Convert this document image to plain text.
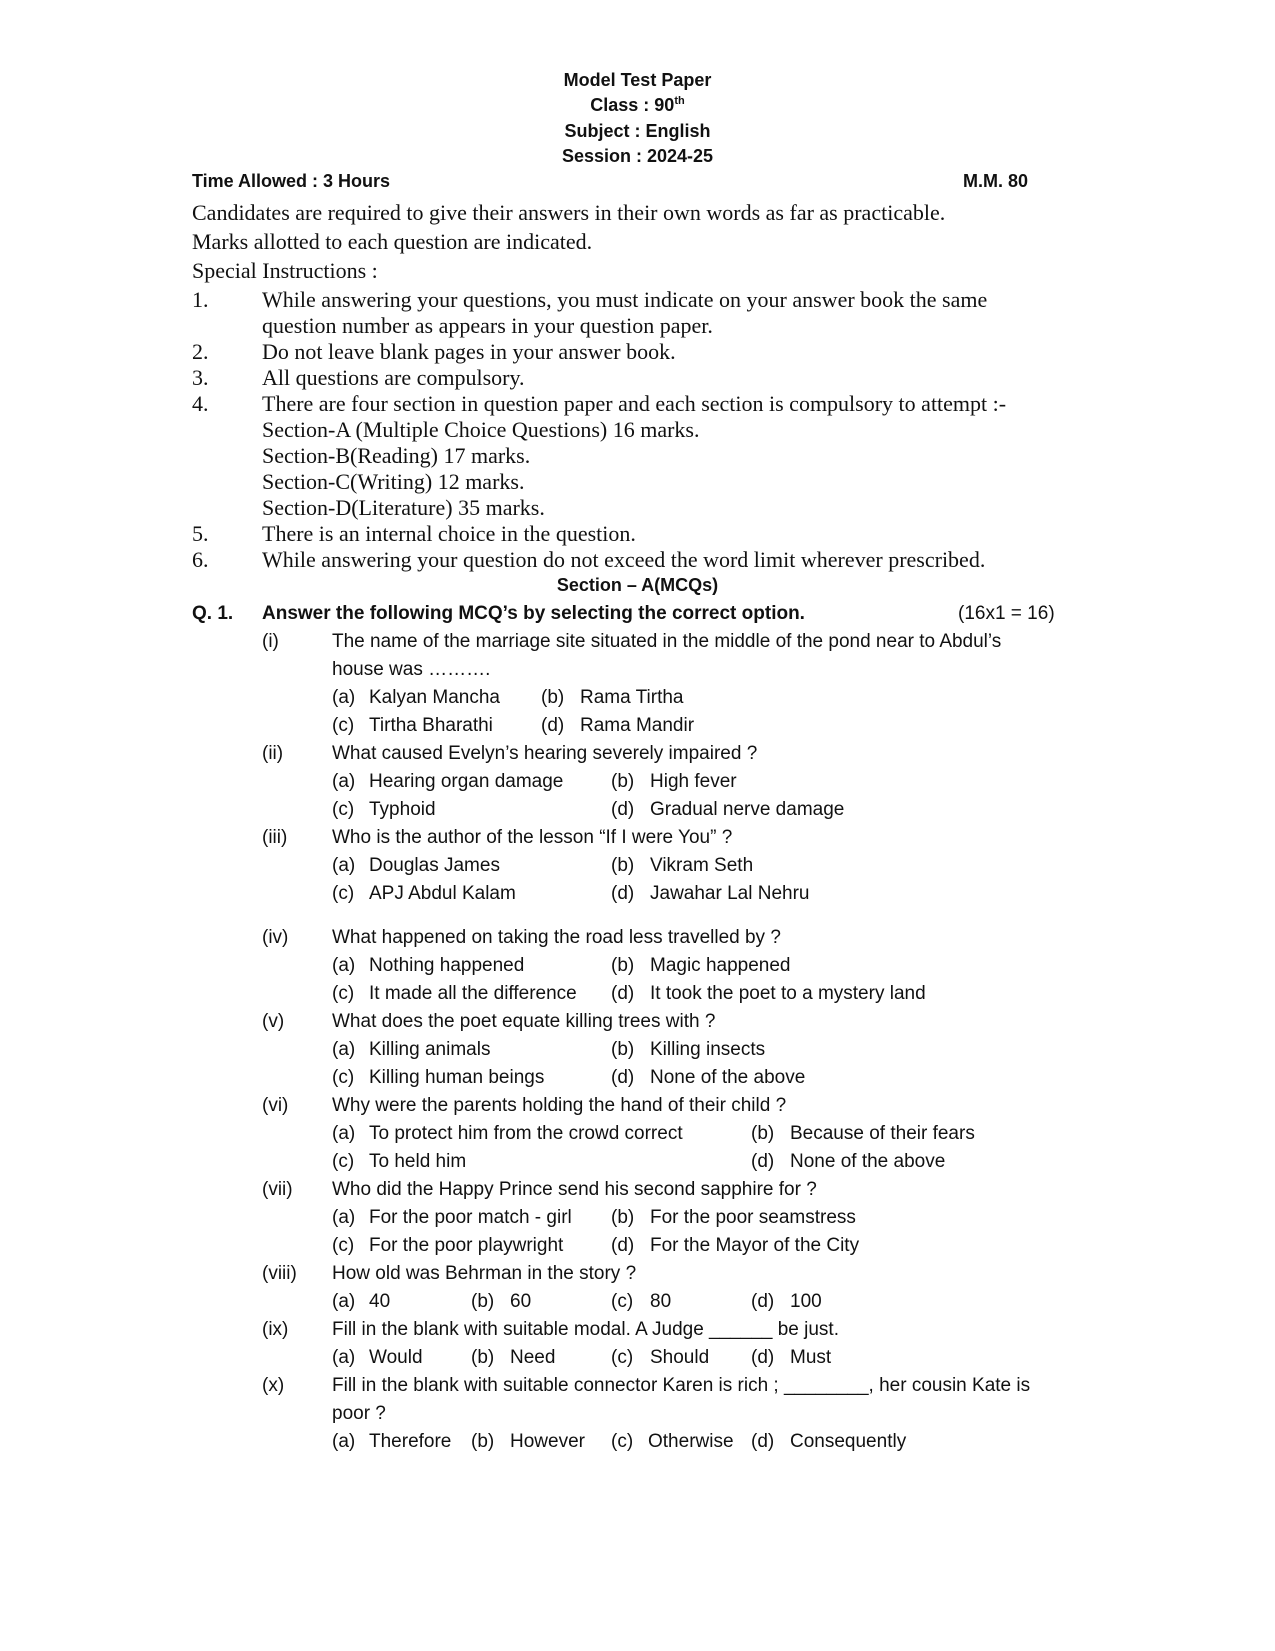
Model Test Paper
Class : 90th
Subject : English
Session : 2024-25
Time Allowed : 3 Hours	M.M. 80
Candidates are required to give their answers in their own words as far as practicable.
Marks allotted to each question are indicated.
Special Instructions :
1. While answering your questions, you must indicate on your answer book the same
question number as appears in your question paper.
2. Do not leave blank pages in your answer book.
3. All questions are compulsory.
4. There are four section in question paper and each section is compulsory to attempt :-
Section-A (Multiple Choice Questions) 16 marks.
Section-B(Reading) 17 marks.
Section-C(Writing) 12 marks.
Section-D(Literature) 35 marks.
5. There is an internal choice in the question.
6. While answering your question do not exceed the word limit wherever prescribed.
Section – A(MCQs)
Q. 1. Answer the following MCQ’s by selecting the correct option.	(16x1 = 16)
(i)	The name of the marriage site situated in the middle of the pond near to Abdul’s
house was ……….
(a) Kalyan Mancha (b) Rama Tirtha
(c) Tirtha Bharathi	(d) Rama Mandir
(ii)	What caused Evelyn’s hearing severely impaired ?
(a) Hearing organ damage	(b) High fever
(c) Typhoid	(d) Gradual nerve damage
(iii) Who is the author of the lesson “If I were You” ?
(a) Douglas James	(b) Vikram Seth
(c) APJ Abdul Kalam	(d) Jawahar Lal Nehru
(iv) What happened on taking the road less travelled by ?
(a) Nothing happened	(b) Magic happened
(c) It made all the difference (d) It took the poet to a mystery land
(v)	What does the poet equate killing trees with ?
(a) Killing animals	(b) Killing insects
(c) Killing human beings	(d) None of the above
(vi) Why were the parents holding the hand of their child ?
(a) To protect him from the crowd correct	(b) Because of their fears
(c) To held him	(d) None of the above
(vii) Who did the Happy Prince send his second sapphire for ?
(a) For the poor match - girl (b) For the poor seamstress
(c) For the poor playwright	(d) For the Mayor of the City
(viii) How old was Behrman in the story ?
(a) 40	(b) 60	(c) 80	(d) 100
(ix) Fill in the blank with suitable modal. A Judge ______ be just.
(a) Would	(b) Need	(c) Should (d) Must
(x)	Fill in the blank with suitable connector Karen is rich ; ________, her cousin Kate is
poor ?
(a) Therefore (b) However (c) Otherwise (d) Consequently
